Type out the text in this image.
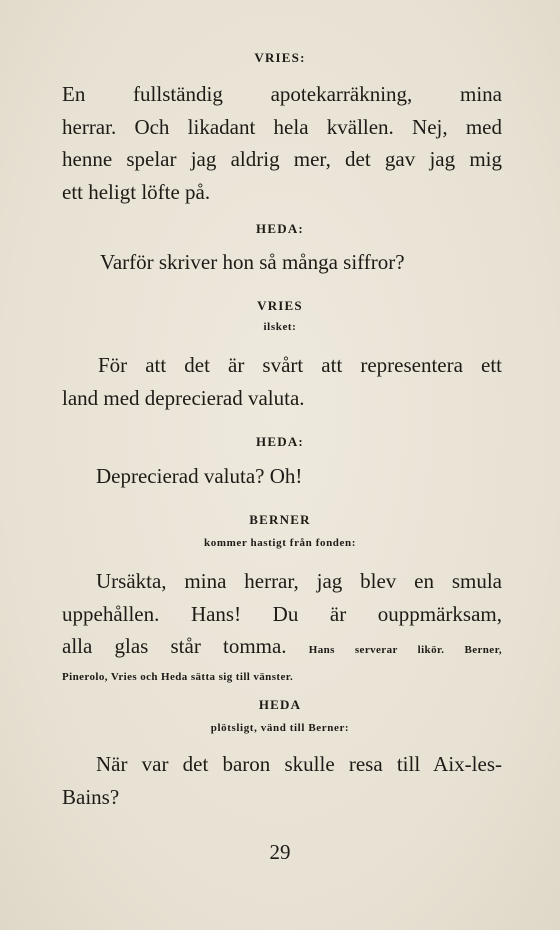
VRIES:
En fullständig apotekarräkning, mina
herrar. Och likadant hela kvällen. Nej, med
henne spelar jag aldrig mer, det gav jag mig
ett heligt löfte på.
HEDA:
Varför skriver hon så många siffror?
VRIES
ilsket:
För att det är svårt att representera ett
land med deprecierad valuta.
HEDA:
Deprecierad valuta? Oh!
BERNER
kommer hastigt från fonden:
Ursäkta, mina herrar, jag blev en smula
uppehållen. Hans! Du är ouppmärksam,
alla glas står tomma. Hans serverar likör. Berner,
Pinerolo, Vries och Heda sätta sig till vänster.
HEDA
plötsligt, vänd till Berner:
När var det baron skulle resa till Aix-les-
Bains?
29
